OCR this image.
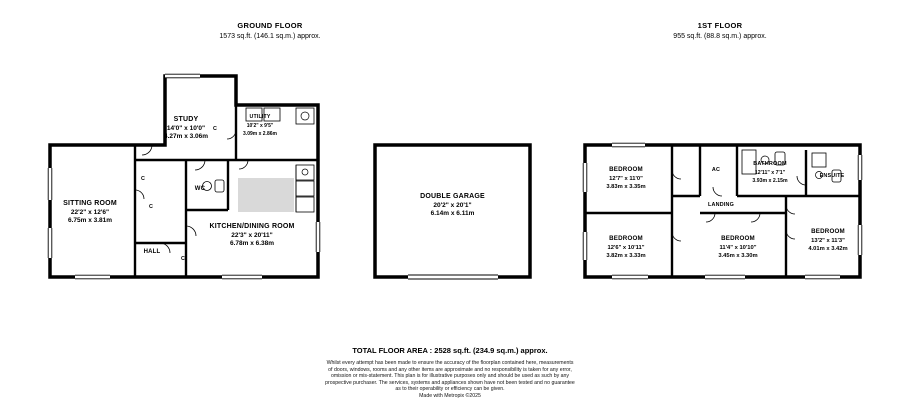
GROUND FLOOR
1573 sq.ft. (146.1 sq.m.) approx.
1ST FLOOR
955 sq.ft. (88.8 sq.m.) approx.
SITTING ROOM
22'2" x 12'6"
6.75m x 3.81m
STUDY
14'0" x 10'0"
4.27m x 3.06m
UTILITY
10'2" x 9'5"
3.09m x 2.86m
KITCHEN/DINING ROOM
22'3" x 20'11"
6.78m x 6.38m
DOUBLE GARAGE
20'2" x 20'1"
6.14m x 6.11m
WC
HALL
C
C
C
C
BEDROOM
12'7" x 11'0"
3.83m x 3.35m
BEDROOM
12'6" x 10'11"
3.82m x 3.33m
BEDROOM
11'4" x 10'10"
3.45m x 3.30m
BEDROOM
13'2" x 11'3"
4.01m x 3.42m
BATHROOM
12'11" x 7'1"
3.93m x 2.15m
AC
LANDING
ENSUITE
TOTAL FLOOR AREA : 2528 sq.ft. (234.9 sq.m.) approx.
Whilst every attempt has been made to ensure the accuracy of the floorplan contained here, measurements
of doors, windows, rooms and any other items are approximate and no responsibility is taken for any error,
omission or mis-statement. This plan is for illustrative purposes only and should be used as such by any
prospective purchaser. The services, systems and appliances shown have not been tested and no guarantee
as to their operability or efficiency can be given.
Made with Metropix ©2025
